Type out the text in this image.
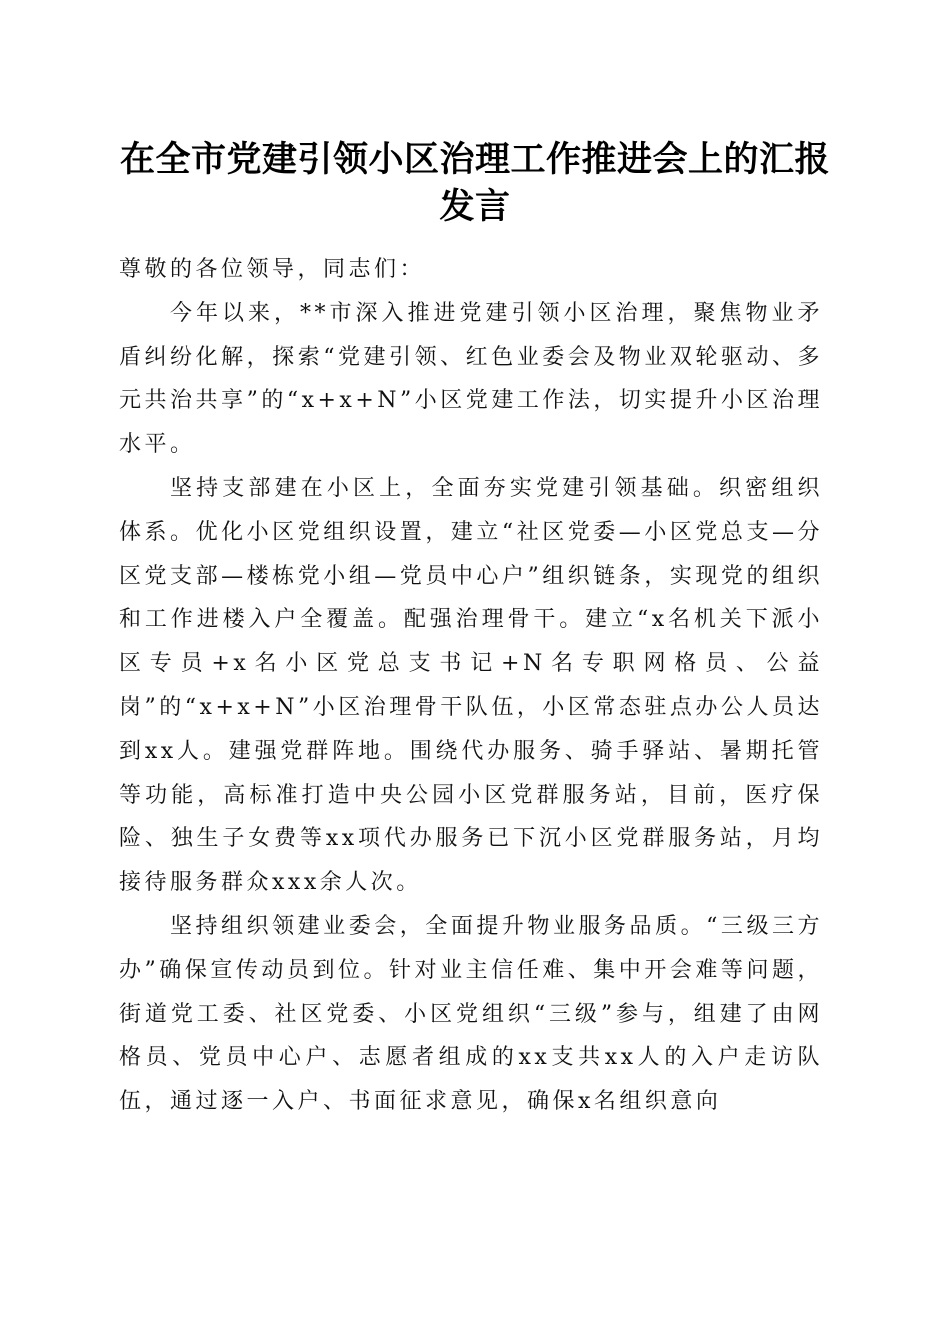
在全市党建引领小区治理工作推进会上的汇报发言

尊敬的各位领导，同志们：

今年以来，**市深入推进党建引领小区治理，聚焦物业矛盾纠纷化解，探索“党建引领、红色业委会及物业双轮驱动、多元共治共享”的“x+x+N”小区党建工作法，切实提升小区治理水平。

坚持支部建在小区上，全面夯实党建引领基础。织密组织体系。优化小区党组织设置，建立“社区党委—小区党总支—分区党支部—楼栋党小组—党员中心户”组织链条，实现党的组织和工作进楼入户全覆盖。配强治理骨干。建立“x名机关下派小区专员+x名小区党总支书记+N名专职网格员、公益岗”的“x+x+N”小区治理骨干队伍，小区常态驻点办公人员达到xx人。建强党群阵地。围绕代办服务、骑手驿站、暑期托管等功能，高标准打造中央公园小区党群服务站，目前，医疗保险、独生子女费等xx项代办服务已下沉小区党群服务站，月均接待服务群众xxx余人次。

坚持组织领建业委会，全面提升物业服务品质。“三级三方办”确保宣传动员到位。针对业主信任难、集中开会难等问题，街道党工委、社区党委、小区党组织“三级”参与，组建了由网格员、党员中心户、志愿者组成的xx支共xx人的入户走访队伍，通过逐一入户、书面征求意见，确保x名组织意向
